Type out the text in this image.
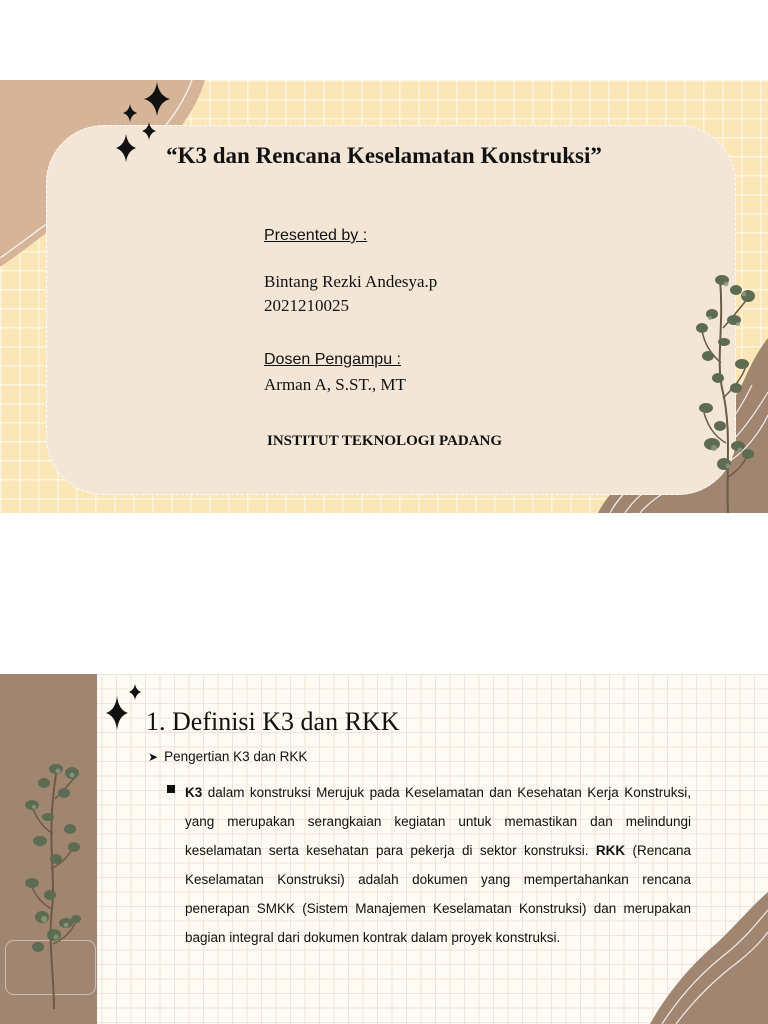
“K3 dan Rencana Keselamatan Konstruksi”
Presented by :
Bintang Rezki Andesya.p
2021210025
Dosen Pengampu :
Arman A, S.ST., MT
INSTITUT TEKNOLOGI PADANG
1. Definisi K3 dan RKK
➤ Pengertian K3 dan RKK
K3 dalam konstruksi Merujuk pada Keselamatan dan Kesehatan Kerja Konstruksi, yang merupakan serangkaian kegiatan untuk memastikan dan melindungi keselamatan serta kesehatan para pekerja di sektor konstruksi. RKK (Rencana Keselamatan Konstruksi) adalah dokumen yang mempertahankan rencana penerapan SMKK (Sistem Manajemen Keselamatan Konstruksi) dan merupakan bagian integral dari dokumen kontrak dalam proyek konstruksi.
